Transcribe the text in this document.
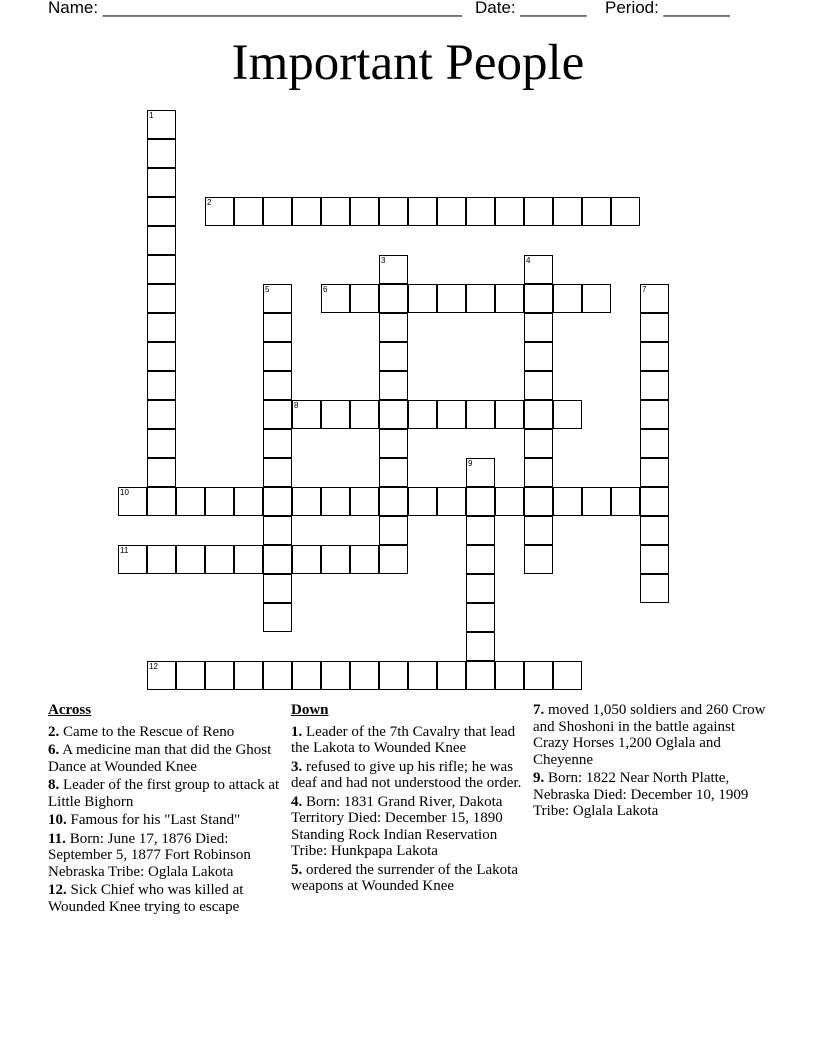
Name: ______________________________________ Date: _______ Period: _______
Important People
1
2
3	4
5	6	7
8
9
10
11
12
Across
2. Came to the Rescue of Reno
6. A medicine man that did the Ghost Dance at Wounded Knee
8. Leader of the first group to attack at Little Bighorn
10. Famous for his "Last Stand"
11. Born: June 17, 1876 Died: September 5, 1877 Fort Robinson Nebraska Tribe: Oglala Lakota
12. Sick Chief who was killed at Wounded Knee trying to escape
Down
1. Leader of the 7th Cavalry that lead the Lakota to Wounded Knee
3. refused to give up his rifle; he was deaf and had not understood the order.
4. Born: 1831 Grand River, Dakota Territory Died: December 15, 1890 Standing Rock Indian Reservation Tribe: Hunkpapa Lakota
5. ordered the surrender of the Lakota weapons at Wounded Knee
7. moved 1,050 soldiers and 260 Crow and Shoshoni in the battle against Crazy Horses 1,200 Oglala and Cheyenne
9. Born: 1822 Near North Platte, Nebraska Died: December 10, 1909 Tribe: Oglala Lakota
